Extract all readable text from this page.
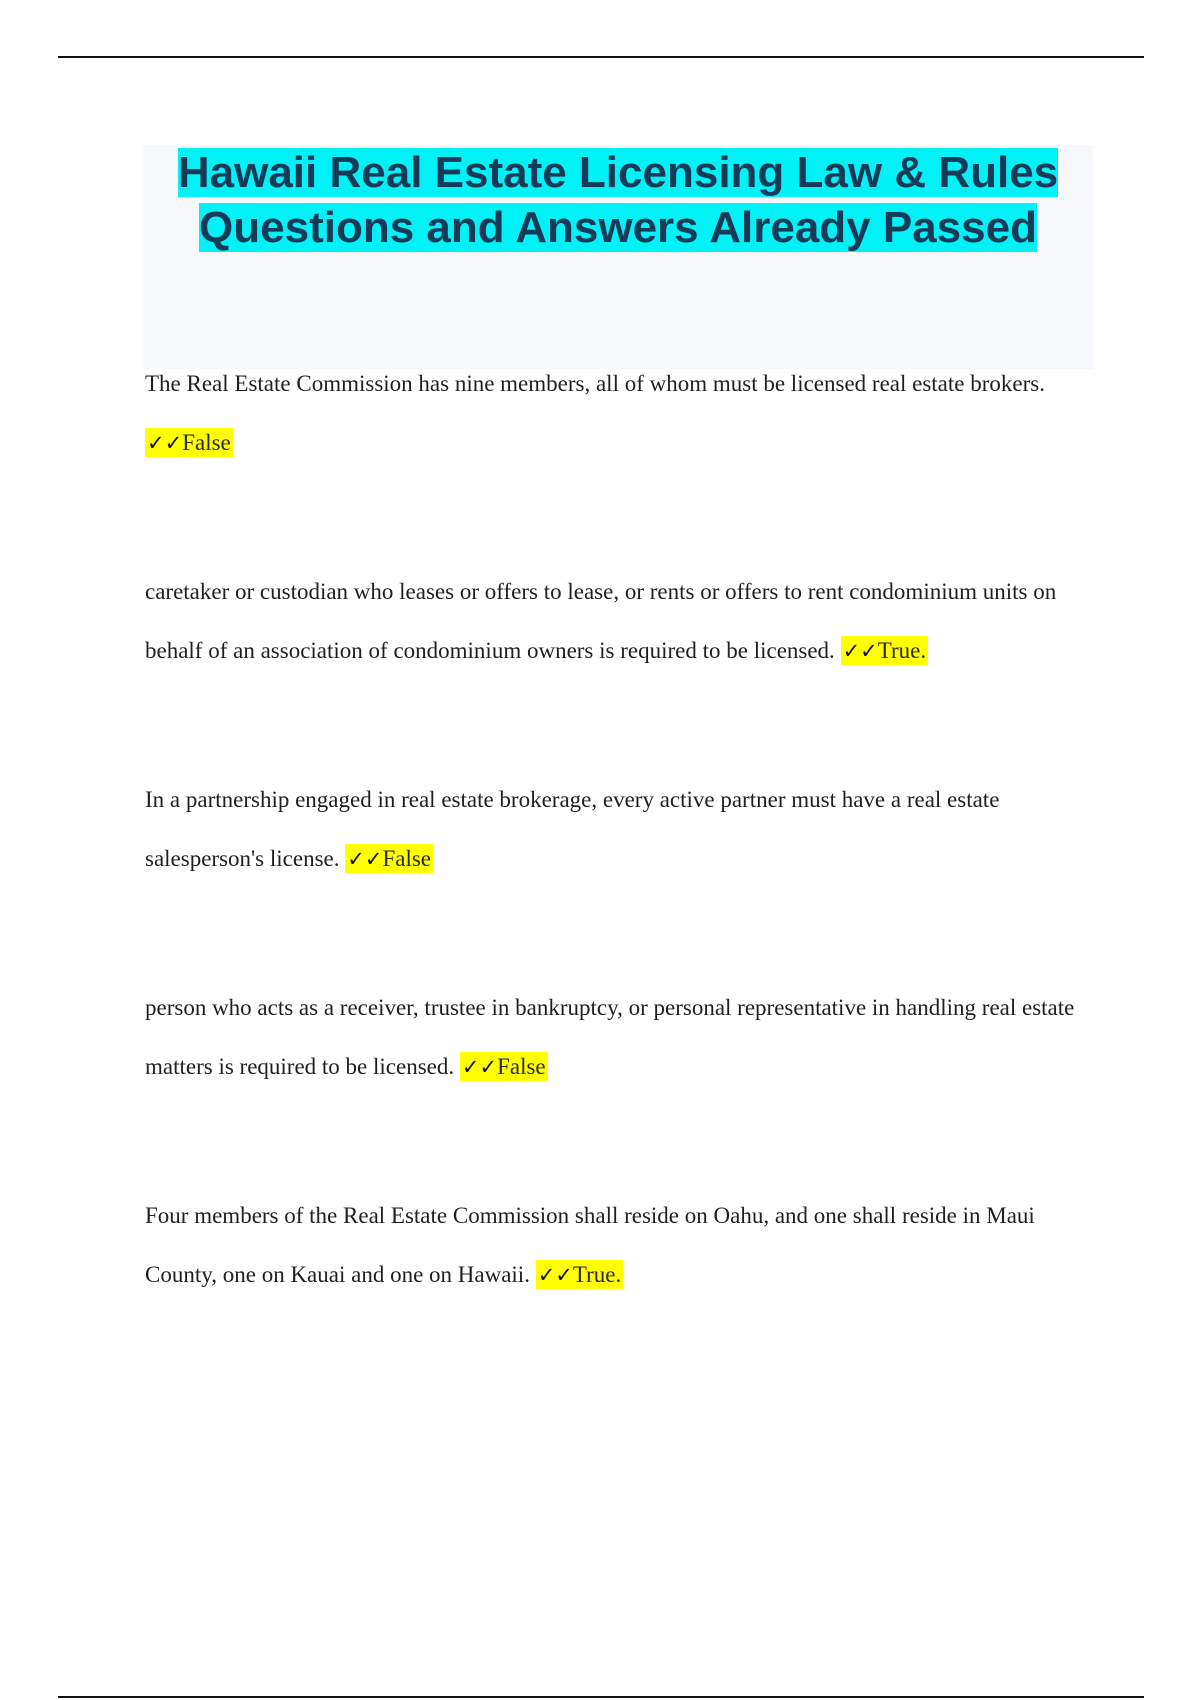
Hawaii Real Estate Licensing Law & Rules Questions and Answers Already Passed

The Real Estate Commission has nine members, all of whom must be licensed real estate brokers. ✓✓False

caretaker or custodian who leases or offers to lease, or rents or offers to rent condominium units on behalf of an association of condominium owners is required to be licensed. ✓✓True.

In a partnership engaged in real estate brokerage, every active partner must have a real estate salesperson's license. ✓✓False

person who acts as a receiver, trustee in bankruptcy, or personal representative in handling real estate matters is required to be licensed. ✓✓False

Four members of the Real Estate Commission shall reside on Oahu, and one shall reside in Maui County, one on Kauai and one on Hawaii. ✓✓True.
